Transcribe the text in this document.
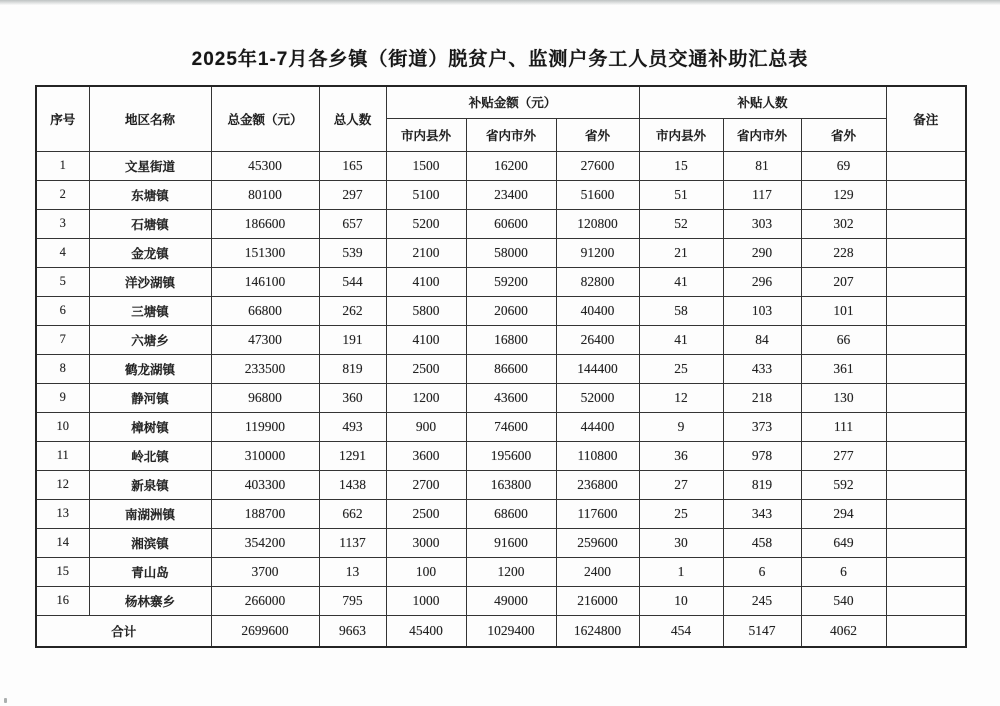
2025年1-7月各乡镇（街道）脱贫户、监测户务工人员交通补助汇总表
序号	地区名称	总金额（元）	总人数	补贴金额（元）			补贴人数			备注
				市内县外	省内市外	省外	市内县外	省内市外	省外	
1	文星街道	45300	165	1500	16200	27600	15	81	69	
2	东塘镇	80100	297	5100	23400	51600	51	117	129	
3	石塘镇	186600	657	5200	60600	120800	52	303	302	
4	金龙镇	151300	539	2100	58000	91200	21	290	228	
5	洋沙湖镇	146100	544	4100	59200	82800	41	296	207	
6	三塘镇	66800	262	5800	20600	40400	58	103	101	
7	六塘乡	47300	191	4100	16800	26400	41	84	66	
8	鹤龙湖镇	233500	819	2500	86600	144400	25	433	361	
9	静河镇	96800	360	1200	43600	52000	12	218	130	
10	樟树镇	119900	493	900	74600	44400	9	373	111	
11	岭北镇	310000	1291	3600	195600	110800	36	978	277	
12	新泉镇	403300	1438	2700	163800	236800	27	819	592	
13	南湖洲镇	188700	662	2500	68600	117600	25	343	294	
14	湘滨镇	354200	1137	3000	91600	259600	30	458	649	
15	青山岛	3700	13	100	1200	2400	1	6	6	
16	杨林寨乡	266000	795	1000	49000	216000	10	245	540	
合计		2699600	9663	45400	1029400	1624800	454	5147	4062	
